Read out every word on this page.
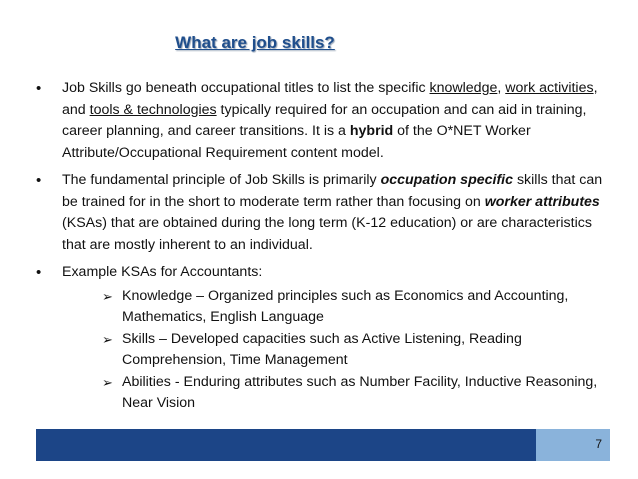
What are job skills?
• Job Skills go beneath occupational titles to list the specific knowledge, work activities, and tools & technologies typically required for an occupation and can aid in training, career planning, and career transitions. It is a hybrid of the O*NET Worker Attribute/Occupational Requirement content model.
• The fundamental principle of Job Skills is primarily occupation specific skills that can be trained for in the short to moderate term rather than focusing on worker attributes (KSAs) that are obtained during the long term (K-12 education) or are characteristics that are mostly inherent to an individual.
• Example KSAs for Accountants:
➢ Knowledge – Organized principles such as Economics and Accounting, Mathematics, English Language
➢ Skills – Developed capacities such as Active Listening, Reading Comprehension, Time Management
➢ Abilities - Enduring attributes such as Number Facility, Inductive Reasoning, Near Vision
7
